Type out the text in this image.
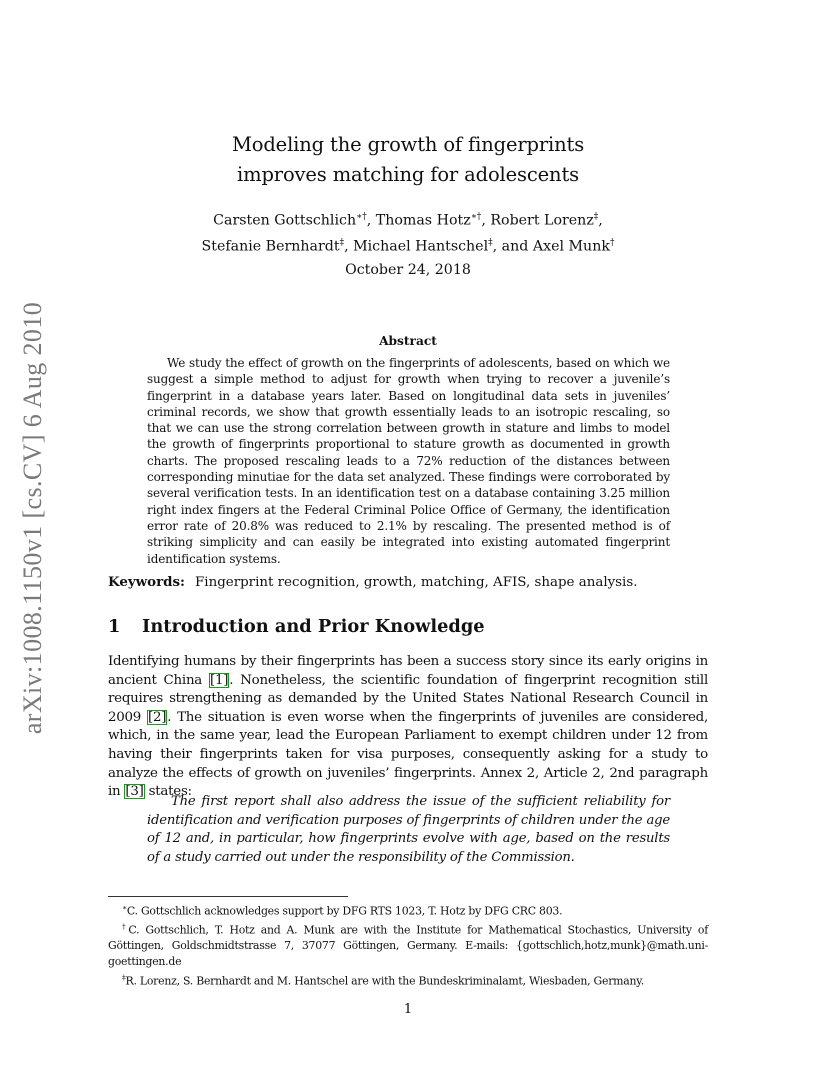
arXiv:1008.1150v1 [cs.CV] 6 Aug 2010
Modeling the growth of fingerprints
improves matching for adolescents
Carsten Gottschlich∗†, Thomas Hotz∗†, Robert Lorenz‡,
Stefanie Bernhardt‡, Michael Hantschel‡, and Axel Munk†
October 24, 2018
Abstract
We study the effect of growth on the fingerprints of adolescents, based on which we suggest a simple method to adjust for growth when trying to recover a juvenile’s fingerprint in a database years later. Based on longitudinal data sets in juveniles’ criminal records, we show that growth essentially leads to an isotropic rescaling, so that we can use the strong correlation between growth in stature and limbs to model the growth of fingerprints proportional to stature growth as documented in growth charts. The proposed rescaling leads to a 72% reduction of the distances between corresponding minutiae for the data set analyzed. These findings were corroborated by several verification tests. In an identification test on a database containing 3.25 million right index fingers at the Federal Criminal Police Office of Germany, the identification error rate of 20.8% was reduced to 2.1% by rescaling. The presented method is of striking simplicity and can easily be integrated into existing automated fingerprint identification systems.
Keywords: Fingerprint recognition, growth, matching, AFIS, shape analysis.
1 Introduction and Prior Knowledge
Identifying humans by their fingerprints has been a success story since its early origins in ancient China [1]. Nonetheless, the scientific foundation of fingerprint recognition still requires strengthening as demanded by the United States National Research Council in 2009 [2]. The situation is even worse when the fingerprints of juveniles are considered, which, in the same year, lead the European Parliament to exempt children under 12 from having their fingerprints taken for visa purposes, consequently asking for a study to analyze the effects of growth on juveniles’ fingerprints. Annex 2, Article 2, 2nd paragraph in [3] states:
The first report shall also address the issue of the sufficient reliability for identification and verification purposes of fingerprints of children under the age of 12 and, in particular, how fingerprints evolve with age, based on the results of a study carried out under the responsibility of the Commission.

∗C. Gottschlich acknowledges support by DFG RTS 1023, T. Hotz by DFG CRC 803.

†C. Gottschlich, T. Hotz and A. Munk are with the Institute for Mathematical Stochastics, University of Göttingen, Goldschmidtstrasse 7, 37077 Göttingen, Germany. E-mails: {gottschlich,hotz,munk}@math.uni-goettingen.de

‡R. Lorenz, S. Bernhardt and M. Hantschel are with the Bundeskriminalamt, Wiesbaden, Germany.

1
